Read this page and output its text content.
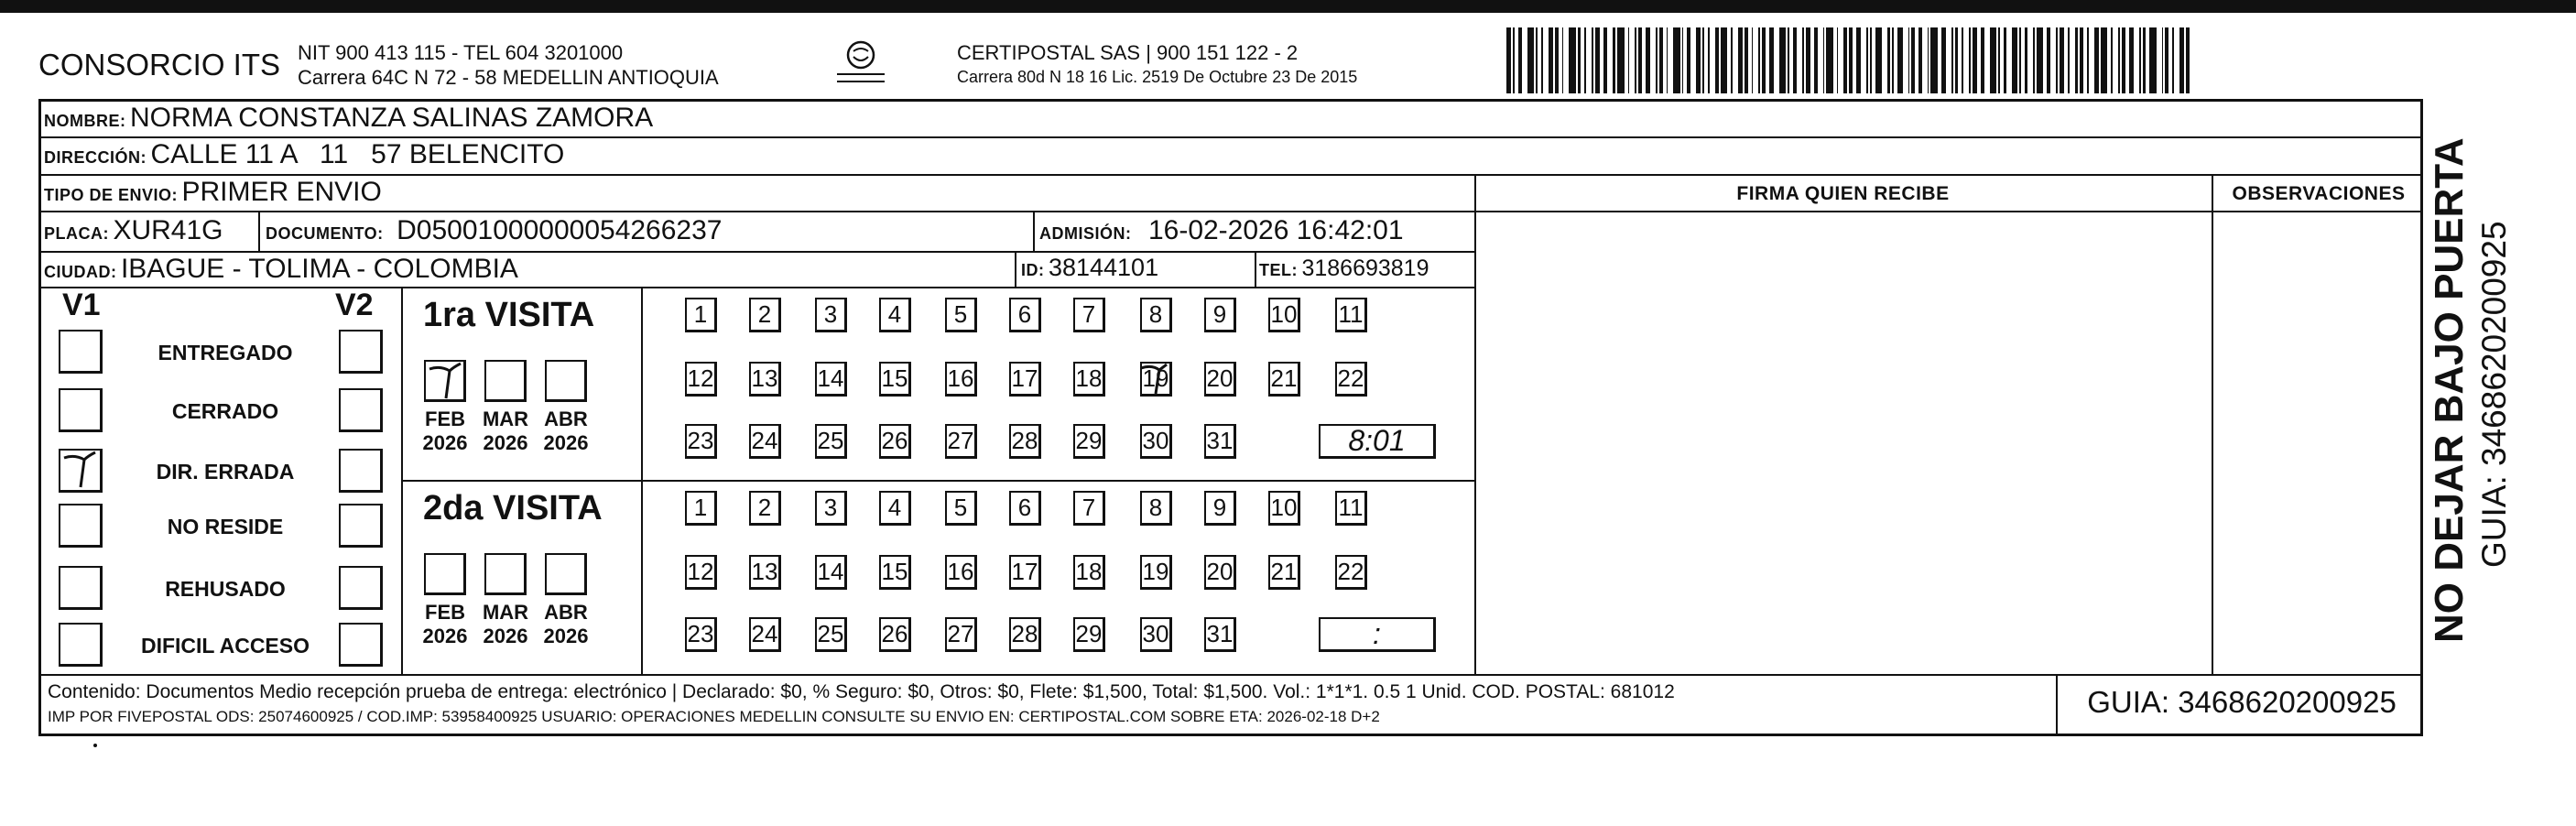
CONSORCIO ITS NIT 900 413 115 - TEL 604 3201000
Carrera 64C N 72 - 58 MEDELLIN ANTIOQUIA
CERTIPOSTAL SAS | 900 151 122 - 2
Carrera 80d N 18 16 Lic. 2519 De Octubre 23 De 2015
NOMBRE: NORMA CONSTANZA SALINAS ZAMORA
DIRECCIÓN: CALLE 11 A   11   57 BELENCITO
TIPO DE ENVIO: PRIMER ENVIO	FIRMA QUIEN RECIBE	OBSERVACIONES
PLACA: XUR41G	DOCUMENTO: D05001000000054266237	ADMISIÓN: 16-02-2026 16:42:01
CIUDAD: IBAGUE - TOLIMA - COLOMBIA	ID: 38144101	TEL: 3186693819
V1	V2
ENTREGADO
CERRADO
DIR. ERRADA
NO RESIDE
REHUSADO
DIFICIL ACCESO
1ra VISITA
FEB
2026
MAR
2026
ABR
2026
1	2	3	4	5	6	7	8	9	10 11
12 13 14 15 16 17 18 19 20 21 22
23 24 25 26 27 28 29 30 31	8:01
2da VISITA
FEB
2026
MAR
2026
ABR
2026
1	2	3	4	5	6	7	8	9	10 11
12 13 14 15 16 17 18 19 20 21 22
23 24 25 26 27 28 29 30 31	:
Contenido: Documentos Medio recepción prueba de entrega: electrónico | Declarado: $0, % Seguro: $0, Otros: $0, Flete: $1,500, Total: $1,500. Vol.: 1*1*1. 0.5 1 Unid. COD. POSTAL: 681012
IMP POR FIVEPOSTAL ODS: 25074600925 / COD.IMP: 53958400925 USUARIO: OPERACIONES MEDELLIN CONSULTE SU ENVIO EN: CERTIPOSTAL.COM SOBRE ETA: 2026-02-18 D+2	GUIA: 3468620200925
NO DEJAR BAJO PUERTA GUIA: 3468620200925
